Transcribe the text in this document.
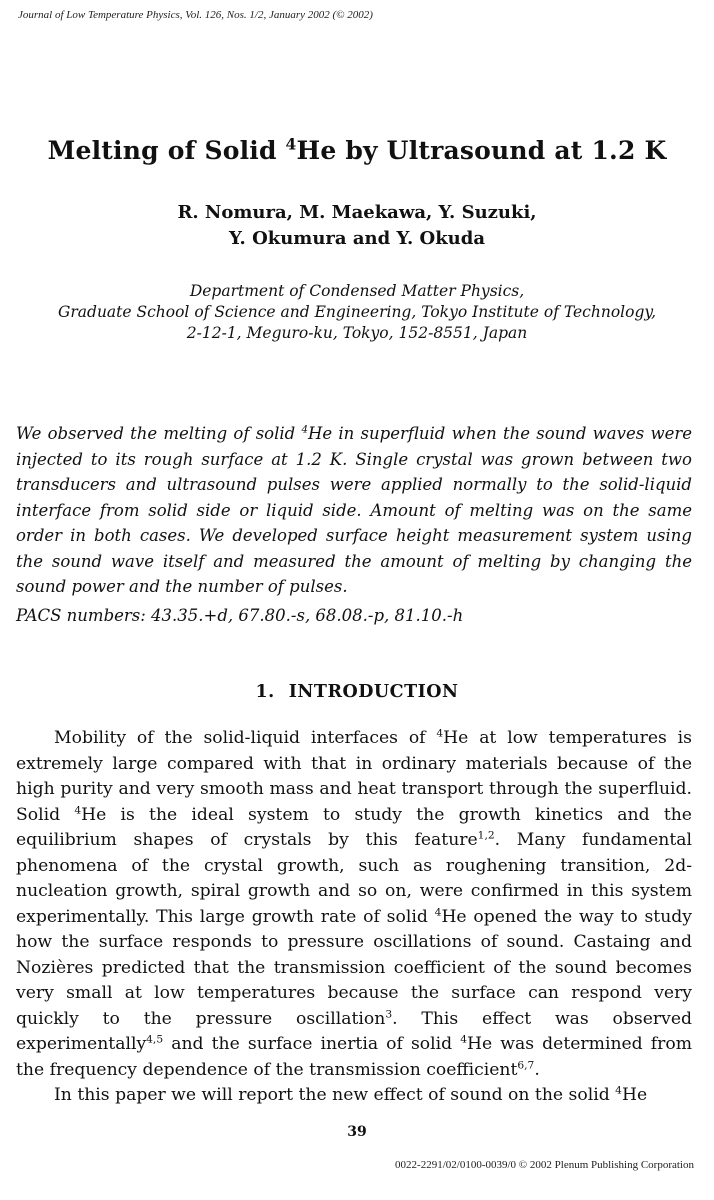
Journal of Low Temperature Physics, Vol. 126, Nos. 1/2, January 2002 (© 2002)
Melting of Solid $^4$He by Ultrasound at 1.2 K
R. Nomura, M. Maekawa, Y. Suzuki,
Y. Okumura and Y. Okuda
Department of Condensed Matter Physics,
Graduate School of Science and Engineering, Tokyo Institute of Technology,
2-12-1, Meguro-ku, Tokyo, 152-8551, Japan
We observed the melting of solid $^4$He in superfluid when the sound waves were injected to its rough surface at 1.2 K. Single crystal was grown between two transducers and ultrasound pulses were applied normally to the solid-liquid interface from solid side or liquid side. Amount of melting was on the same order in both cases. We developed surface height measurement system using the sound wave itself and measured the amount of melting by changing the sound power and the number of pulses.
PACS numbers: 43.35.+d, 67.80.-s, 68.08.-p, 81.10.-h
1. INTRODUCTION

Mobility of the solid-liquid interfaces of $^4$He at low temperatures is extremely large compared with that in ordinary materials because of the high purity and very smooth mass and heat transport through the superfluid. Solid $^4$He is the ideal system to study the growth kinetics and the equilibrium shapes of crystals by this feature$^{1,2}$. Many fundamental phenomena of the crystal growth, such as roughening transition, 2d-nucleation growth, spiral growth and so on, were confirmed in this system experimentally. This large growth rate of solid $^4$He opened the way to study how the surface responds to pressure oscillations of sound. Castaing and Nozières predicted that the transmission coefficient of the sound becomes very small at low temperatures because the surface can respond very quickly to the pressure oscillation$^3$. This effect was observed experimentally$^{4,5}$ and the surface inertia of solid $^4$He was determined from the frequency dependence of the transmission coefficient$^{6,7}$.

In this paper we will report the new effect of sound on the solid $^4$He

39
0022-2291/02/0100-0039/0 © 2002 Plenum Publishing Corporation
